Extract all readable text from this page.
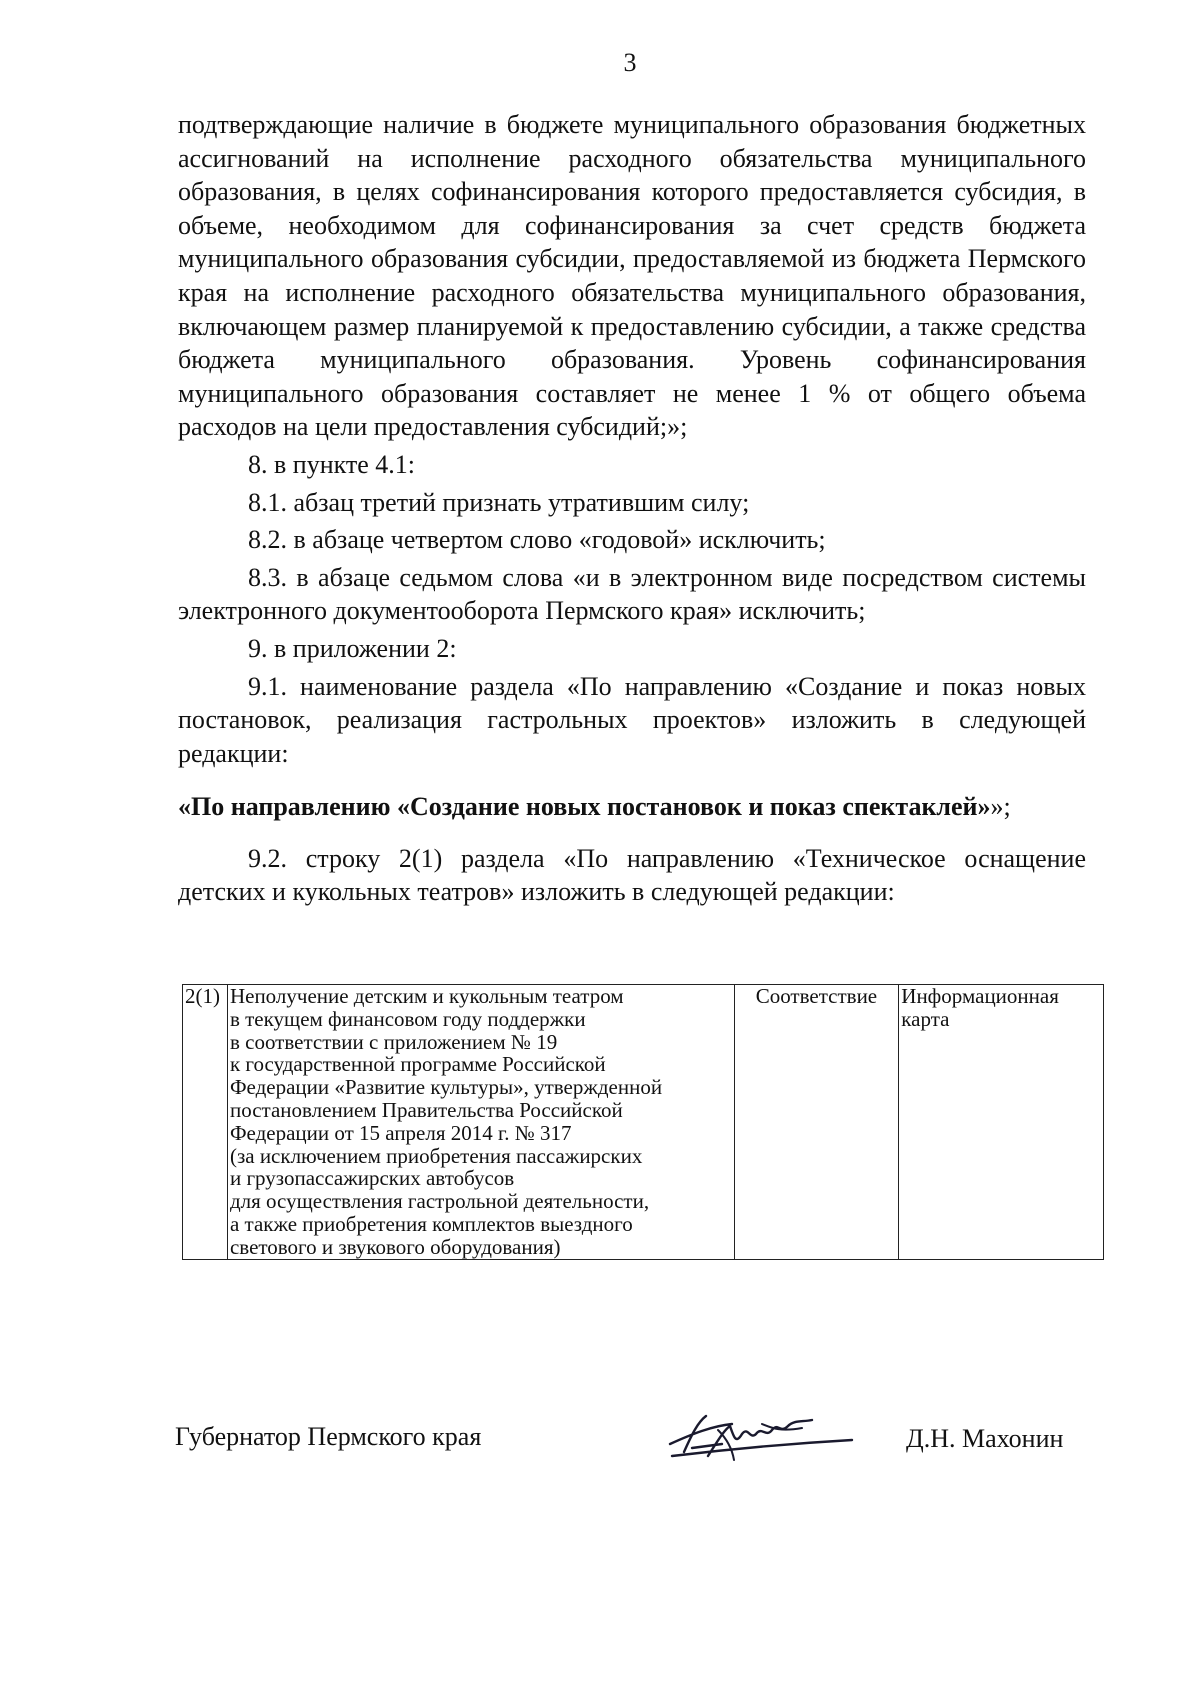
3

подтверждающие наличие в бюджете муниципального образования бюджетных ассигнований на исполнение расходного обязательства муниципального образования, в целях софинансирования которого предоставляется субсидия, в объеме, необходимом для софинансирования за счет средств бюджета муниципального образования субсидии, предоставляемой из бюджета Пермского края на исполнение расходного обязательства муниципального образования, включающем размер планируемой к предоставлению субсидии, а также средства бюджета муниципального образования. Уровень софинансирования муниципального образования составляет не менее 1 % от общего объема расходов на цели предоставления субсидий;»;

8. в пункте 4.1:

8.1. абзац третий признать утратившим силу;

8.2. в абзаце четвертом слово «годовой» исключить;

8.3. в абзаце седьмом слова «и в электронном виде посредством системы электронного документооборота Пермского края» исключить;

9. в приложении 2:

9.1. наименование раздела «По направлению «Создание и показ новых постановок, реализация гастрольных проектов» изложить в следующей редакции:

«По направлению «Создание новых постановок и показ спектаклей»»;

9.2. строку 2(1) раздела «По направлению «Техническое оснащение детских и кукольных театров» изложить в следующей редакции:

2(1)	Неполучение детским и кукольным театром
в текущем финансовом году поддержки
в соответствии с приложением № 19
к государственной программе Российской
Федерации «Развитие культуры», утвержденной
постановлением Правительства Российской
Федерации от 15 апреля 2014 г. № 317
(за исключением приобретения пассажирских
и грузопассажирских автобусов
для осуществления гастрольной деятельности,
а также приобретения комплектов выездного
светового и звукового оборудования)	Соответствие	Информационная
карта
Губернатор Пермского края	Д.Н. Махонин
